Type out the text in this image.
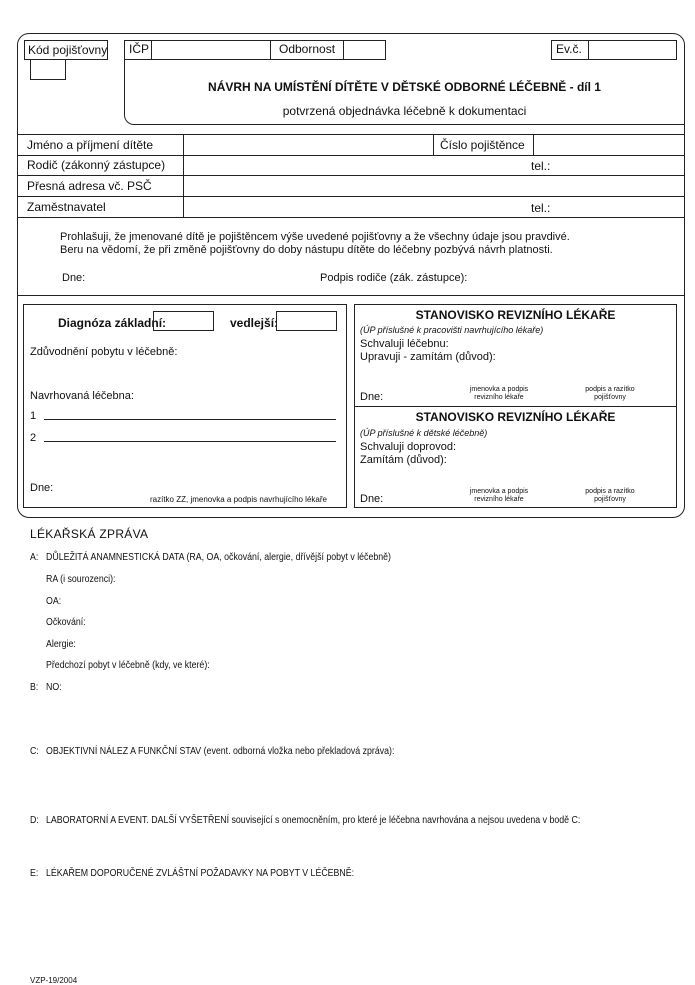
Kód pojišťovny IČP	Odbornost	Ev.č.
NÁVRH NA UMÍSTĚNÍ DÍTĚTE V DĚTSKÉ ODBORNÉ LÉČEBNĚ - díl 1
potvrzená objednávka léčebně k dokumentaci
Jméno a příjmení dítěte	Číslo pojištěnce
Rodič (zákonný zástupce)	tel.:
Přesná adresa vč. PSČ
Zaměstnavatel	tel.:
Prohlašuji, že jmenované dítě je pojištěncem výše uvedené pojišťovny a že všechny údaje jsou pravdivé.
Beru na vědomí, že při změně pojišťovny do doby nástupu dítěte do léčebny pozbývá návrh platnosti.
Dne:	Podpis rodiče (zák. zástupce):
Diagnóza základní:	vedlejší:
Zdůvodnění pobytu v léčebně:
Navrhovaná léčebna:
1
2
Dne:
razítko ZZ, jmenovka a podpis navrhujícího lékaře
STANOVISKO REVIZNÍHO LÉKAŘE
(ÚP příslušné k pracovišti navrhujícího lékaře)
Schvaluji léčebnu:
Upravuji - zamítám (důvod):
Dne:
jmenovka a podpis revizního lékaře
podpis a razítko pojišťovny
STANOVISKO REVIZNÍHO LÉKAŘE
(ÚP příslušné k dětské léčebně)
Schvaluji doprovod:
Zamítám (důvod):
Dne:
jmenovka a podpis revizního lékaře
podpis a razítko pojišťovny
LÉKAŘSKÁ ZPRÁVA
A: DŮLEŽITÁ ANAMNESTICKÁ DATA (RA, OA, očkování, alergie, dřívější pobyt v léčebně)
RA (i sourozenci):
OA:
Očkování:
Alergie:
Předchozí pobyt v léčebně (kdy, ve které):
B: NO:
C: OBJEKTIVNÍ NÁLEZ A FUNKČNÍ STAV (event. odborná vložka nebo překladová zpráva):
D: LABORATORNÍ A EVENT. DALŠÍ VYŠETŘENÍ související s onemocněním, pro které je léčebna navrhována a nejsou uvedena v bodě C:
E: LÉKAŘEM DOPORUČENÉ ZVLÁŠTNÍ POŽADAVKY NA POBYT V LÉČEBNĚ:
VZP-19/2004
